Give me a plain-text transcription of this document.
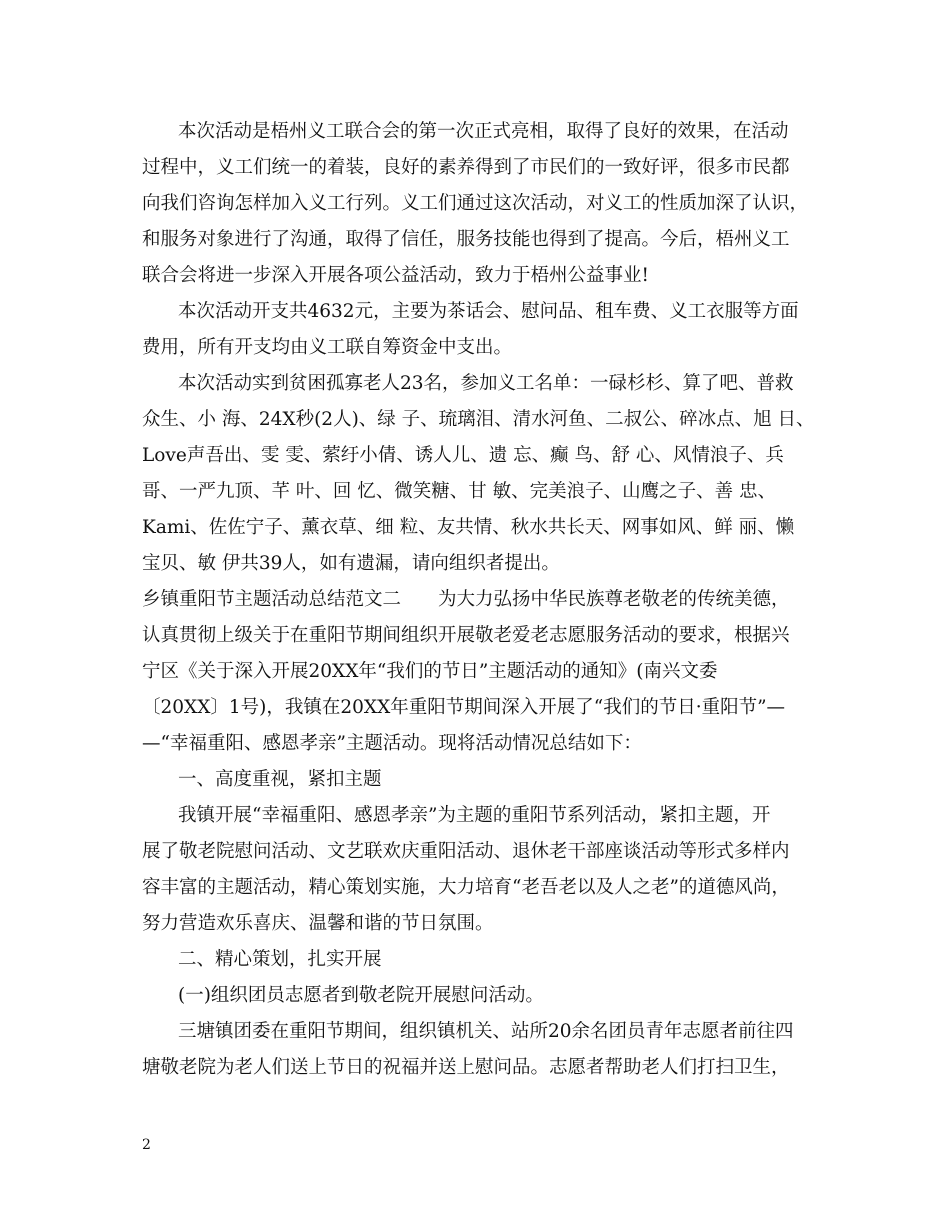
本次活动是梧州义工联合会的第一次正式亮相，取得了良好的效果，在活动
过程中，义工们统一的着装，良好的素养得到了市民们的一致好评，很多市民都
向我们咨询怎样加入义工行列。义工们通过这次活动，对义工的性质加深了认识，
和服务对象进行了沟通，取得了信任，服务技能也得到了提高。今后，梧州义工
联合会将进一步深入开展各项公益活动，致力于梧州公益事业!
本次活动开支共4632元，主要为茶话会、慰问品、租车费、义工衣服等方面
费用，所有开支均由义工联自筹资金中支出。
本次活动实到贫困孤寡老人23名，参加义工名单：一碌杉杉、算了吧、普救
众生、小 海、24X秒(2人)、绿 子、琉璃泪、清水河鱼、二叔公、碎冰点、旭 日、
Love声吾出、雯 雯、萦纡小倩、诱人儿、遗 忘、癫 鸟、舒 心、风情浪子、兵
哥、一严九顶、芊 叶、回 忆、微笑糖、甘 敏、完美浪子、山鹰之子、善 忠、
Kami、佐佐宁子、薰衣草、细 粒、友共情、秋水共长天、网事如风、鲜 丽、懒
宝贝、敏 伊共39人，如有遗漏，请向组织者提出。
乡镇重阳节主题活动总结范文二　　为大力弘扬中华民族尊老敬老的传统美德，
认真贯彻上级关于在重阳节期间组织开展敬老爱老志愿服务活动的要求，根据兴
宁区《关于深入开展20XX年“我们的节日”主题活动的通知》(南兴文委
〔20XX〕1号)，我镇在20XX年重阳节期间深入开展了“我们的节日·重阳节”—
—“幸福重阳、感恩孝亲”主题活动。现将活动情况总结如下：
一、高度重视，紧扣主题
我镇开展“幸福重阳、感恩孝亲”为主题的重阳节系列活动，紧扣主题，开
展了敬老院慰问活动、文艺联欢庆重阳活动、退休老干部座谈活动等形式多样内
容丰富的主题活动，精心策划实施，大力培育“老吾老以及人之老”的道德风尚，
努力营造欢乐喜庆、温馨和谐的节日氛围。
二、精心策划，扎实开展
(一)组织团员志愿者到敬老院开展慰问活动。
三塘镇团委在重阳节期间，组织镇机关、站所20余名团员青年志愿者前往四
塘敬老院为老人们送上节日的祝福并送上慰问品。志愿者帮助老人们打扫卫生，
2
